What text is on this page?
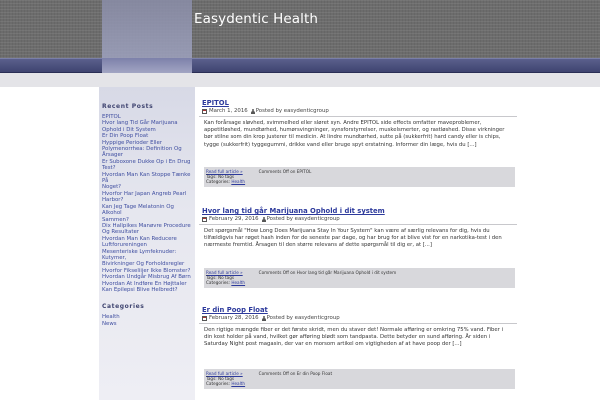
Easydentic Health
Recent Posts
EPITOL
Hvor lang Tid Går Marijuana
Ophold i Dit System
Er Din Poop Float
Hyppige Perioder Eller
Polymenorrhea: Definition Og
Årsager
Er Suboxone Dukke Op i En Drug
Test?
Hvordan Man Kan Stoppe Tænke På
Noget?
Hvorfor Har Japan Angreb Pearl
Harbor?
Kan Jeg Tage Melatonin Og Alkohol
Sammen?
Dix Hallpikes Manøvre Procedure
Og Resultater
Hvordan Man Kan Reducere
Luftforureningen
Mesenteriske Lymfeknuder: Kutymer,
Bivirkninger Og Forholdsregler
Hvorfor Fikseliijer Ikke Blomster?
Hvordan Undgår Misbrug Af Børn
Hvordan At Indføre En Højttaler
Kan Epilepsi Blive Helbredt?
Categories
Health
News
EPITOL
March 1, 2016 Posted by easydenticgroup
Kan forårsage sløvhed, svimmelhed eller sløret syn. Andre EPITOL side effects omfatter maveproblemer, appetitløshed, mundtørhed, humørsvingninger, synsforstyrrelser, muskelsmerter, og rastløshed. Disse virkninger bør stilne som din krop justerer til medicin. At lindre mundtørhed, sutte på (sukkerfrit) hard candy eller is chips, tygge (sukkerfrit) tyggegummi, drikke vand eller bruge spyt erstatning. Informer din læge, hvis du [...]
Read full article »	Comments Off on EPITOL
Tags: No tags
Categories: Health
Hvor lang tid går Marijuana Ophold i dit system
February 29, 2016 Posted by easydenticgroup
Det spørgsmål "How Long Does Marijuana Stay In Your System" kan være af særlig relevans for dig, hvis du tilfældigvis har røget hash inden for de seneste par dage, og har brug for at blive vist for en narkotika-test i den nærmeste fremtid. Årsagen til den større relevans af dette spørgsmål til dig er, at [...]
Read full article »	Comments Off on Hvor lang tid går Marijuana Ophold i dit system
Tags: No tags
Categories: Health
Er din Poop Float
February 28, 2016 Posted by easydenticgroup
Den rigtige mængde fiber er det første skridt, men du staver det! Normale afføring er omkring 75% vand. Fiber i din kost holder på vand, hvilket gør afføring blødt som tandpasta. Dette betyder en sund afføring. År siden i Saturday Night post magasin, der var en morsom artikel om vigtigheden af at have poop der [...]
Read full article »	Comments Off on Er din Poop Float
Tags: No tags
Categories: Health
